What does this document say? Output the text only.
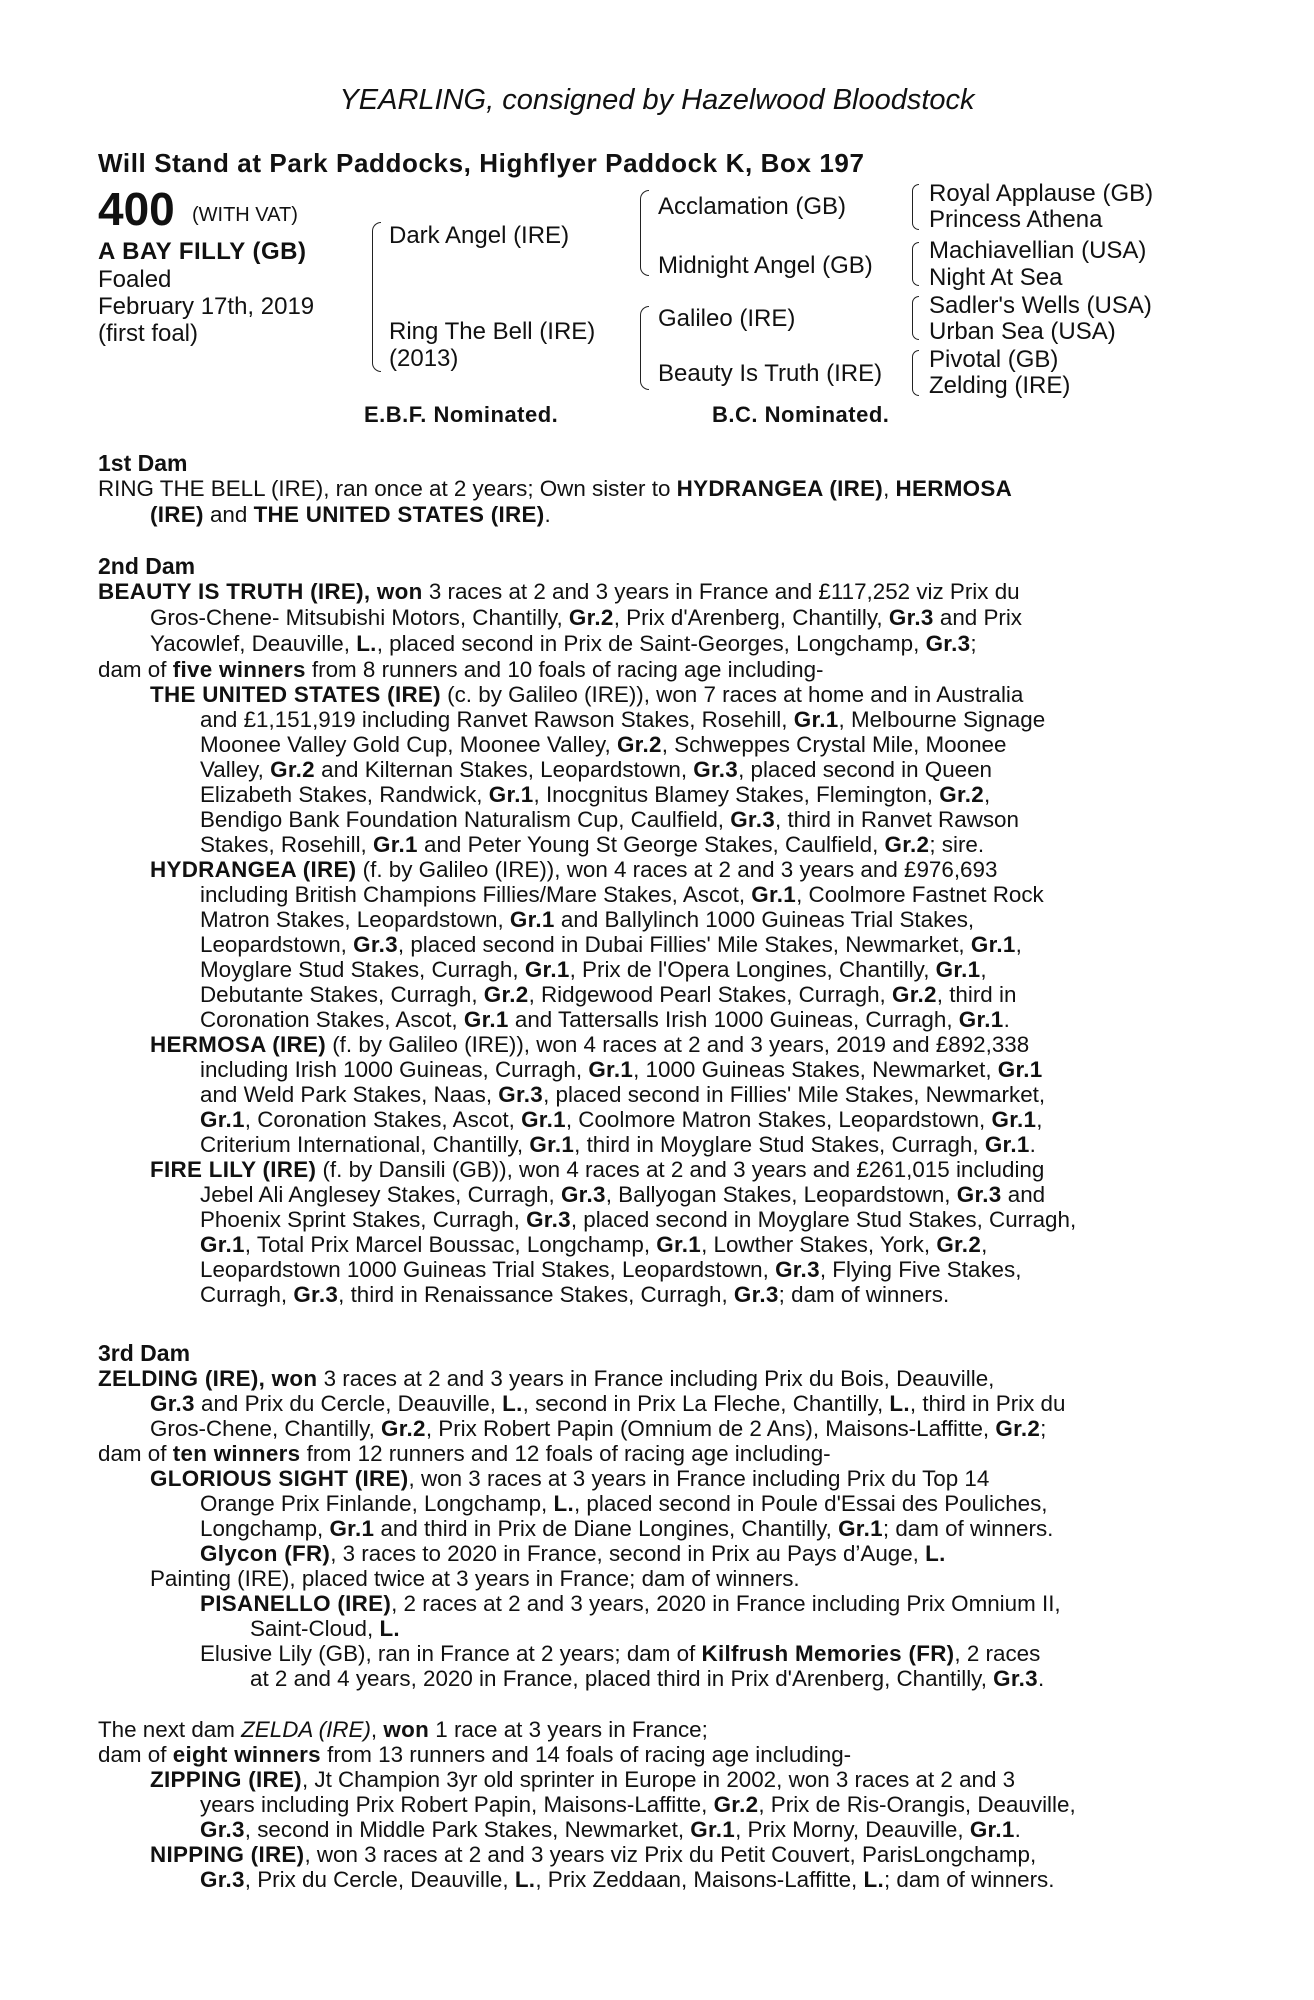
YEARLING, consigned by Hazelwood Bloodstock
Will Stand at Park Paddocks, Highflyer Paddock K, Box 197
400 (WITH VAT)
A BAY FILLY (GB)
Foaled
February 17th, 2019
(first foal)
Dark Angel (IRE)
Ring The Bell (IRE)
(2013)
Acclamation (GB)
Midnight Angel (GB)
Galileo (IRE)
Beauty Is Truth (IRE)
Royal Applause (GB)
Princess Athena
Machiavellian (USA)
Night At Sea
Sadler's Wells (USA)
Urban Sea (USA)
Pivotal (GB)
Zelding (IRE)
E.B.F. Nominated.	B.C. Nominated.
1st Dam
RING THE BELL (IRE), ran once at 2 years; Own sister to HYDRANGEA (IRE), HERMOSA
(IRE) and THE UNITED STATES (IRE).
2nd Dam
BEAUTY IS TRUTH (IRE), won 3 races at 2 and 3 years in France and £117,252 viz Prix du
Gros-Chene- Mitsubishi Motors, Chantilly, Gr.2, Prix d'Arenberg, Chantilly, Gr.3 and Prix
Yacowlef, Deauville, L., placed second in Prix de Saint-Georges, Longchamp, Gr.3;
dam of five winners from 8 runners and 10 foals of racing age including-
THE UNITED STATES (IRE) (c. by Galileo (IRE)), won 7 races at home and in Australia
and £1,151,919 including Ranvet Rawson Stakes, Rosehill, Gr.1, Melbourne Signage
Moonee Valley Gold Cup, Moonee Valley, Gr.2, Schweppes Crystal Mile, Moonee
Valley, Gr.2 and Kilternan Stakes, Leopardstown, Gr.3, placed second in Queen
Elizabeth Stakes, Randwick, Gr.1, Inocgnitus Blamey Stakes, Flemington, Gr.2,
Bendigo Bank Foundation Naturalism Cup, Caulfield, Gr.3, third in Ranvet Rawson
Stakes, Rosehill, Gr.1 and Peter Young St George Stakes, Caulfield, Gr.2; sire.
HYDRANGEA (IRE) (f. by Galileo (IRE)), won 4 races at 2 and 3 years and £976,693
including British Champions Fillies/Mare Stakes, Ascot, Gr.1, Coolmore Fastnet Rock
Matron Stakes, Leopardstown, Gr.1 and Ballylinch 1000 Guineas Trial Stakes,
Leopardstown, Gr.3, placed second in Dubai Fillies' Mile Stakes, Newmarket, Gr.1,
Moyglare Stud Stakes, Curragh, Gr.1, Prix de l'Opera Longines, Chantilly, Gr.1,
Debutante Stakes, Curragh, Gr.2, Ridgewood Pearl Stakes, Curragh, Gr.2, third in
Coronation Stakes, Ascot, Gr.1 and Tattersalls Irish 1000 Guineas, Curragh, Gr.1.
HERMOSA (IRE) (f. by Galileo (IRE)), won 4 races at 2 and 3 years, 2019 and £892,338
including Irish 1000 Guineas, Curragh, Gr.1, 1000 Guineas Stakes, Newmarket, Gr.1
and Weld Park Stakes, Naas, Gr.3, placed second in Fillies' Mile Stakes, Newmarket,
Gr.1, Coronation Stakes, Ascot, Gr.1, Coolmore Matron Stakes, Leopardstown, Gr.1,
Criterium International, Chantilly, Gr.1, third in Moyglare Stud Stakes, Curragh, Gr.1.
FIRE LILY (IRE) (f. by Dansili (GB)), won 4 races at 2 and 3 years and £261,015 including
Jebel Ali Anglesey Stakes, Curragh, Gr.3, Ballyogan Stakes, Leopardstown, Gr.3 and
Phoenix Sprint Stakes, Curragh, Gr.3, placed second in Moyglare Stud Stakes, Curragh,
Gr.1, Total Prix Marcel Boussac, Longchamp, Gr.1, Lowther Stakes, York, Gr.2,
Leopardstown 1000 Guineas Trial Stakes, Leopardstown, Gr.3, Flying Five Stakes,
Curragh, Gr.3, third in Renaissance Stakes, Curragh, Gr.3; dam of winners.
3rd Dam
ZELDING (IRE), won 3 races at 2 and 3 years in France including Prix du Bois, Deauville,
Gr.3 and Prix du Cercle, Deauville, L., second in Prix La Fleche, Chantilly, L., third in Prix du
Gros-Chene, Chantilly, Gr.2, Prix Robert Papin (Omnium de 2 Ans), Maisons-Laffitte, Gr.2;
dam of ten winners from 12 runners and 12 foals of racing age including-
GLORIOUS SIGHT (IRE), won 3 races at 3 years in France including Prix du Top 14
Orange Prix Finlande, Longchamp, L., placed second in Poule d'Essai des Pouliches,
Longchamp, Gr.1 and third in Prix de Diane Longines, Chantilly, Gr.1; dam of winners.
Glycon (FR), 3 races to 2020 in France, second in Prix au Pays d’Auge, L.
Painting (IRE), placed twice at 3 years in France; dam of winners.
PISANELLO (IRE), 2 races at 2 and 3 years, 2020 in France including Prix Omnium II,
Saint-Cloud, L.
Elusive Lily (GB), ran in France at 2 years; dam of Kilfrush Memories (FR), 2 races
at 2 and 4 years, 2020 in France, placed third in Prix d'Arenberg, Chantilly, Gr.3.
The next dam ZELDA (IRE), won 1 race at 3 years in France;
dam of eight winners from 13 runners and 14 foals of racing age including-
ZIPPING (IRE), Jt Champion 3yr old sprinter in Europe in 2002, won 3 races at 2 and 3
years including Prix Robert Papin, Maisons-Laffitte, Gr.2, Prix de Ris-Orangis, Deauville,
Gr.3, second in Middle Park Stakes, Newmarket, Gr.1, Prix Morny, Deauville, Gr.1.
NIPPING (IRE), won 3 races at 2 and 3 years viz Prix du Petit Couvert, ParisLongchamp,
Gr.3, Prix du Cercle, Deauville, L., Prix Zeddaan, Maisons-Laffitte, L.; dam of winners.
